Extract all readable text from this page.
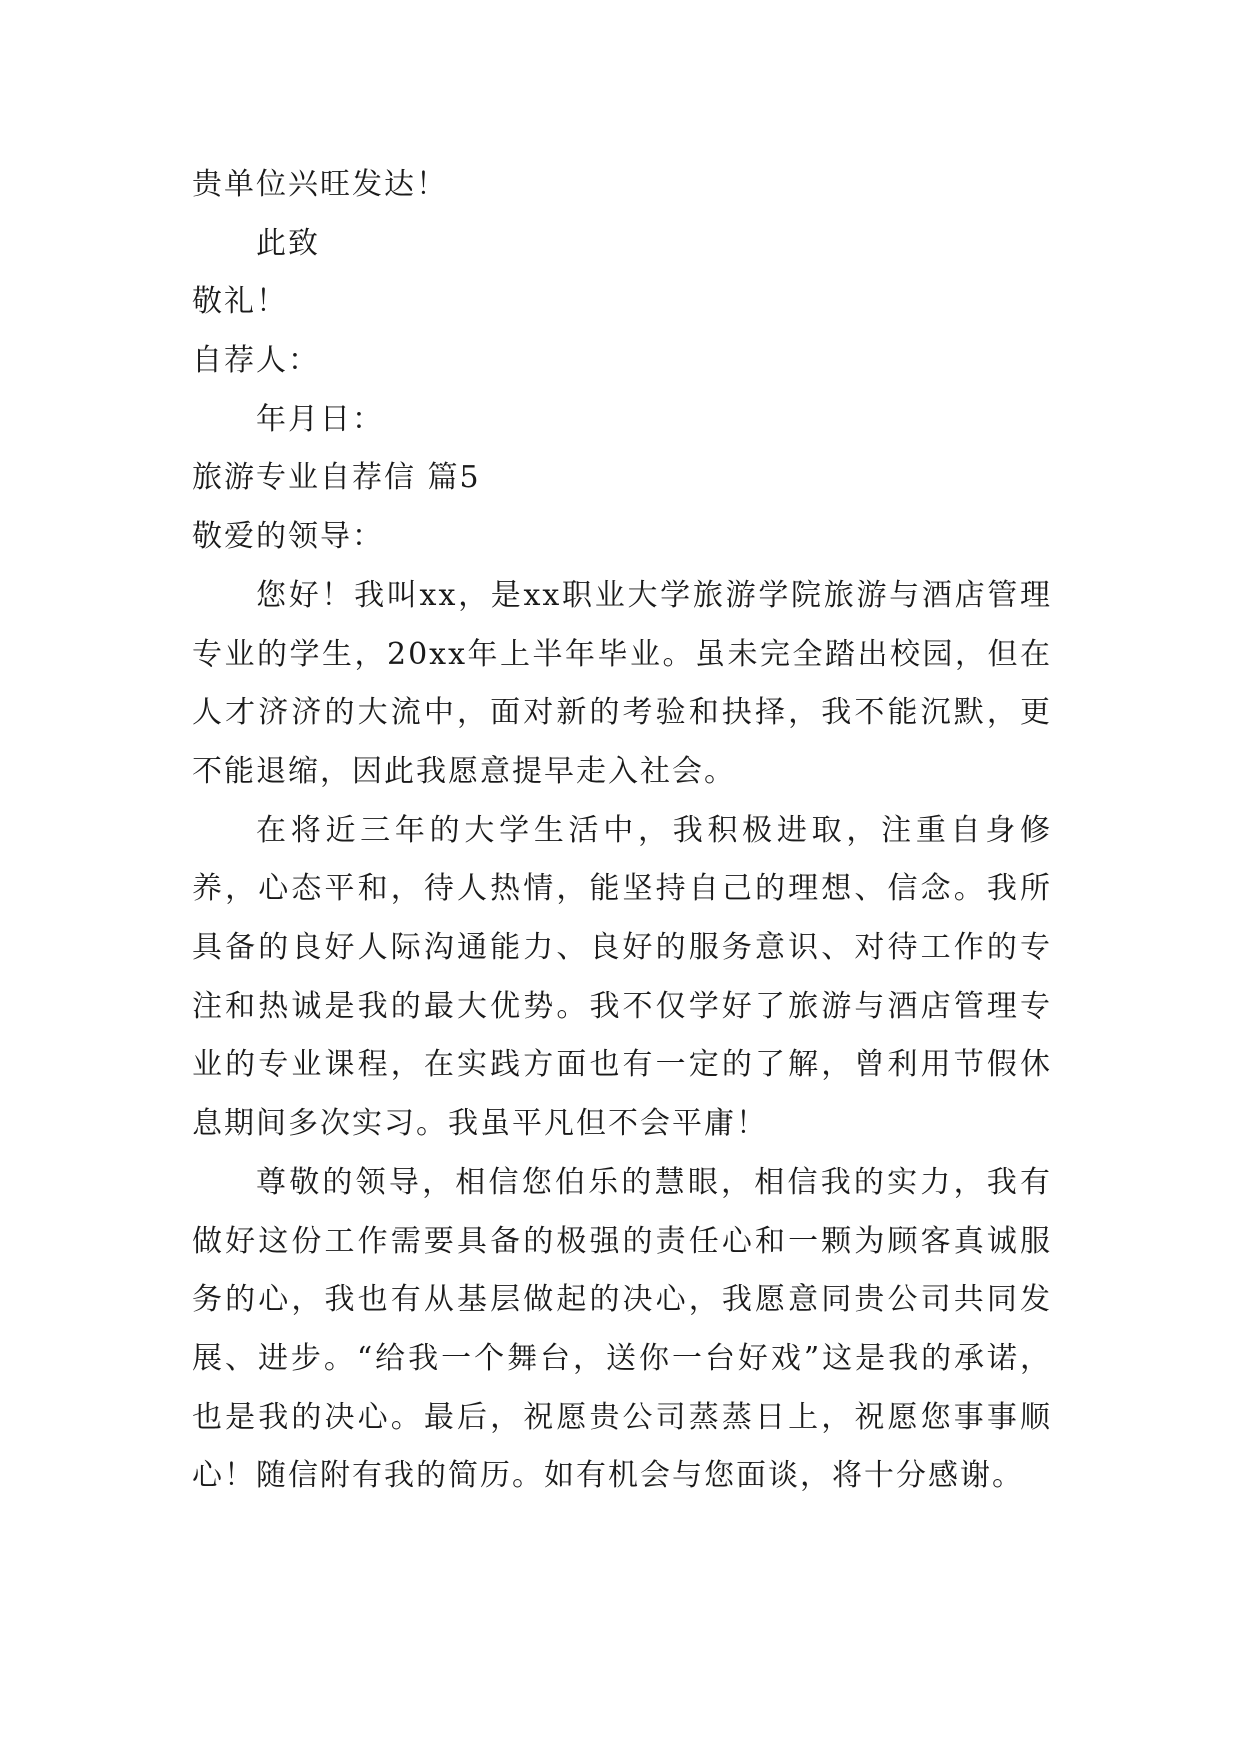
贵单位兴旺发达！
此致
敬礼！
自荐人：
年月日：
旅游专业自荐信 篇5
敬爱的领导：

您好！我叫xx，是xx职业大学旅游学院旅游与酒店管理专业的学生，20xx年上半年毕业。虽未完全踏出校园，但在人才济济的大流中，面对新的考验和抉择，我不能沉默，更不能退缩，因此我愿意提早走入社会。

在将近三年的大学生活中，我积极进取，注重自身修养，心态平和，待人热情，能坚持自己的理想、信念。我所具备的良好人际沟通能力、良好的服务意识、对待工作的专注和热诚是我的最大优势。我不仅学好了旅游与酒店管理专业的专业课程，在实践方面也有一定的了解，曾利用节假休息期间多次实习。我虽平凡但不会平庸！

尊敬的领导，相信您伯乐的慧眼，相信我的实力，我有做好这份工作需要具备的极强的责任心和一颗为顾客真诚服务的心，我也有从基层做起的决心，我愿意同贵公司共同发展、进步。“给我一个舞台，送你一台好戏”这是我的承诺，也是我的决心。最后，祝愿贵公司蒸蒸日上，祝愿您事事顺心！随信附有我的简历。如有机会与您面谈，将十分感谢。
